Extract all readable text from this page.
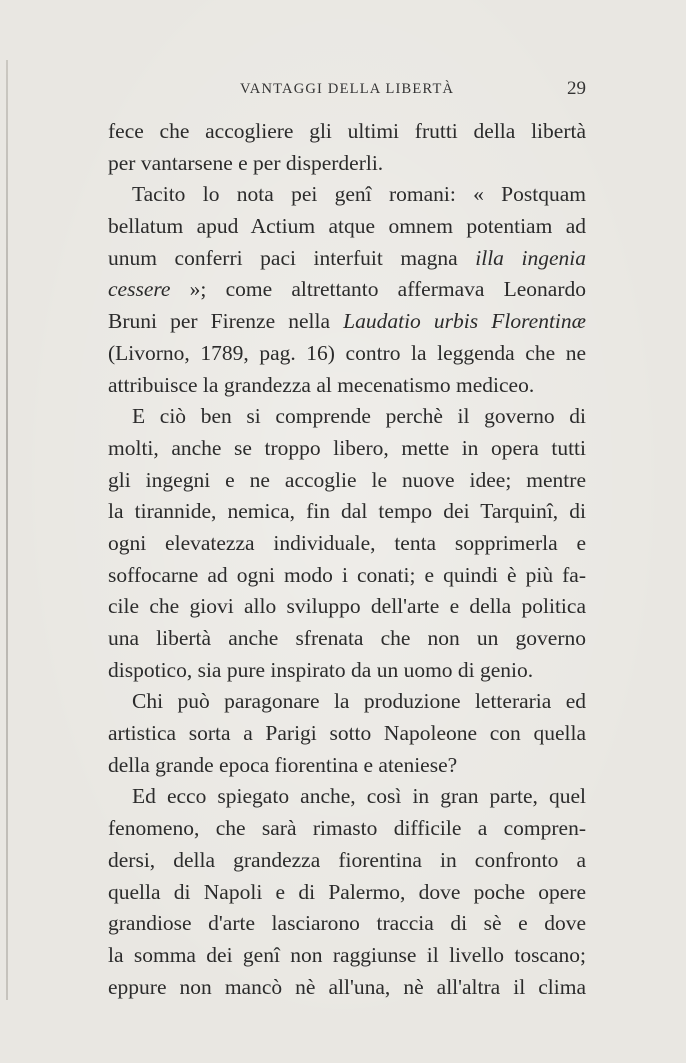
VANTAGGI DELLA LIBERTÀ	29
fece che accogliere gli ultimi frutti della libertà
per vantarsene e per disperderli.
Tacito lo nota pei genî romani: « Postquam
bellatum apud Actium atque omnem potentiam ad
unum conferri paci interfuit magna illa ingenia
cessere »; come altrettanto affermava Leonardo
Bruni per Firenze nella Laudatio urbis Florentinæ
(Livorno, 1789, pag. 16) contro la leggenda che ne
attribuisce la grandezza al mecenatismo mediceo.
E ciò ben si comprende perchè il governo di
molti, anche se troppo libero, mette in opera tutti
gli ingegni e ne accoglie le nuove idee; mentre
la tirannide, nemica, fin dal tempo dei Tarquinî, di
ogni elevatezza individuale, tenta sopprimerla e
soffocarne ad ogni modo i conati; e quindi è più fa-
cile che giovi allo sviluppo dell'arte e della politica
una libertà anche sfrenata che non un governo
dispotico, sia pure inspirato da un uomo di genio.
Chi può paragonare la produzione letteraria ed
artistica sorta a Parigi sotto Napoleone con quella
della grande epoca fiorentina e ateniese?
Ed ecco spiegato anche, così in gran parte, quel
fenomeno, che sarà rimasto difficile a compren-
dersi, della grandezza fiorentina in confronto a
quella di Napoli e di Palermo, dove poche opere
grandiose d'arte lasciarono traccia di sè e dove
la somma dei genî non raggiunse il livello toscano;
eppure non mancò nè all'una, nè all'altra il clima
